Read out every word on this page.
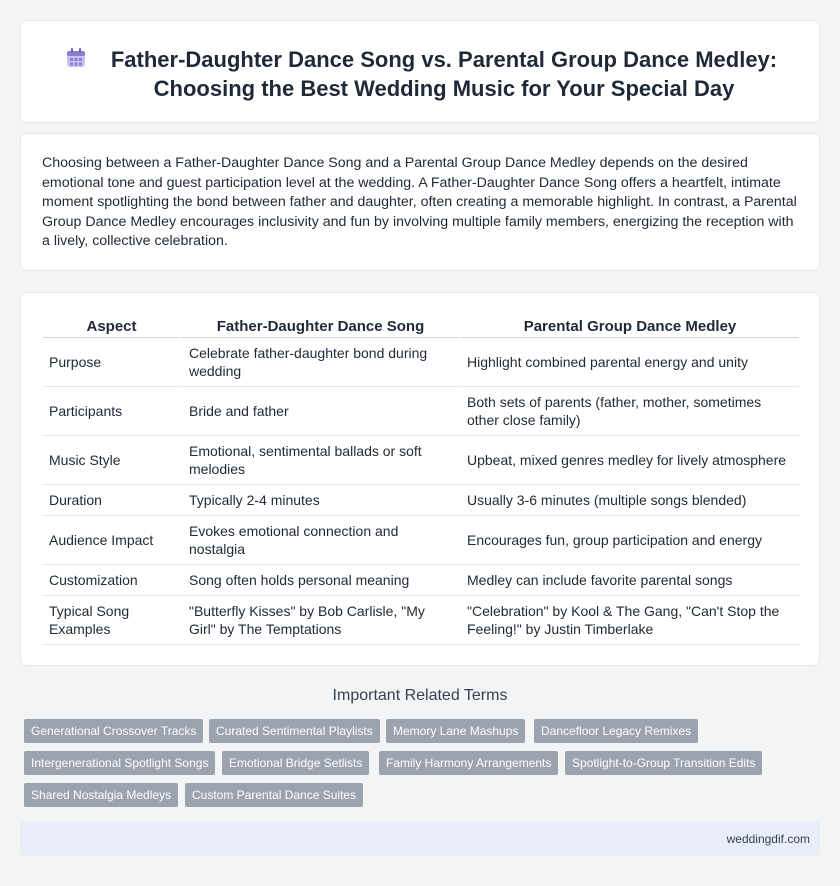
Father-Daughter Dance Song vs. Parental Group Dance Medley: Choosing the Best Wedding Music for Your Special Day

Choosing between a Father-Daughter Dance Song and a Parental Group Dance Medley depends on the desired emotional tone and guest participation level at the wedding. A Father-Daughter Dance Song offers a heartfelt, intimate moment spotlighting the bond between father and daughter, often creating a memorable highlight. In contrast, a Parental Group Dance Medley encourages inclusivity and fun by involving multiple family members, energizing the reception with a lively, collective celebration.

Aspect	Father-Daughter Dance Song	Parental Group Dance Medley
Purpose	Celebrate father-daughter bond during wedding	Highlight combined parental energy and unity
Participants	Bride and father	Both sets of parents (father, mother, sometimes other close family)
Music Style	Emotional, sentimental ballads or soft melodies	Upbeat, mixed genres medley for lively atmosphere
Duration	Typically 2-4 minutes	Usually 3-6 minutes (multiple songs blended)
Audience Impact	Evokes emotional connection and nostalgia	Encourages fun, group participation and energy
Customization	Song often holds personal meaning	Medley can include favorite parental songs
Typical Song Examples	"Butterfly Kisses" by Bob Carlisle, "My Girl" by The Temptations	"Celebration" by Kool & The Gang, "Can't Stop the Feeling!" by Justin Timberlake
Important Related Terms
Generational Crossover Tracks	Curated Sentimental Playlists	Memory Lane Mashups	Dancefloor Legacy Remixes
Intergenerational Spotlight Songs	Emotional Bridge Setlists	Family Harmony Arrangements	Spotlight-to-Group Transition Edits
Shared Nostalgia Medleys	Custom Parental Dance Suites
weddingdif.com
